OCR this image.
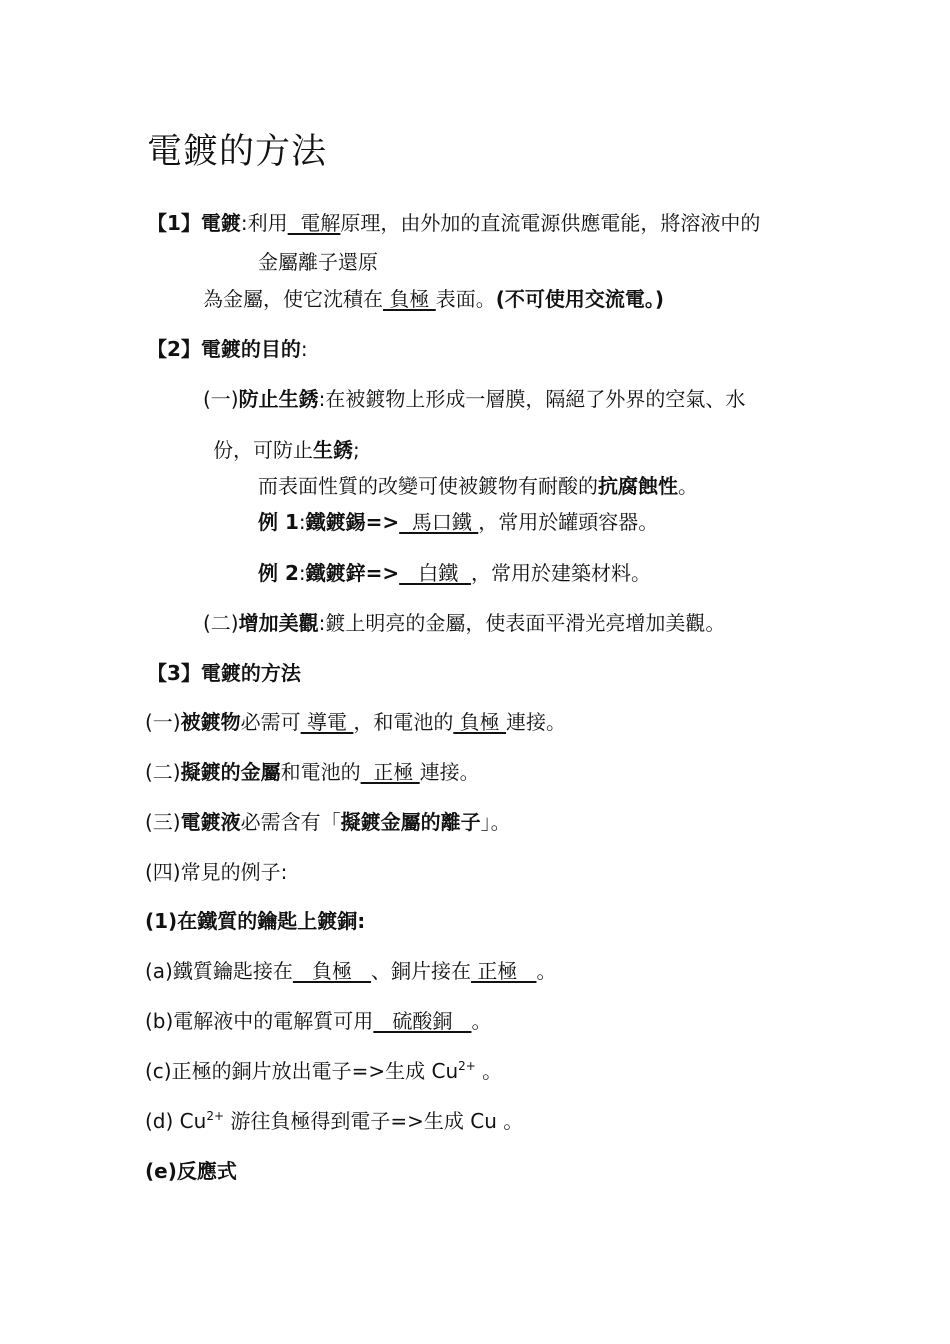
電鍍的方法
【1】電鍍:利用  電解原理，由外加的直流電源供應電能，將溶液中的
金屬離子還原
為金屬，使它沈積在 負極 表面。(不可使用交流電。)
【2】電鍍的目的:
(一)防止生銹:在被鍍物上形成一層膜，隔絕了外界的空氣、水
份，可防止生銹;
而表面性質的改變可使被鍍物有耐酸的抗腐蝕性。
例 1:鐵鍍錫=>  馬口鐵 ，常用於罐頭容器。
例 2:鐵鍍鋅=>   白鐵  ，常用於建築材料。
(二)增加美觀:鍍上明亮的金屬，使表面平滑光亮增加美觀。
【3】電鍍的方法
(一)被鍍物必需可 導電 ，和電池的 負極 連接。
(二)擬鍍的金屬和電池的  正極 連接。
(三)電鍍液必需含有「擬鍍金屬的離子」。
(四)常見的例子:
(1)在鐵質的鑰匙上鍍銅:
(a)鐵質鑰匙接在   負極   、銅片接在 正極   。
(b)電解液中的電解質可用   硫酸銅   。
(c)正極的銅片放出電子=>生成 $Cu^{2+}$ 。
(d) $Cu^{2+}$ 游往負極得到電子=>生成 Cu 。
(e)反應式
